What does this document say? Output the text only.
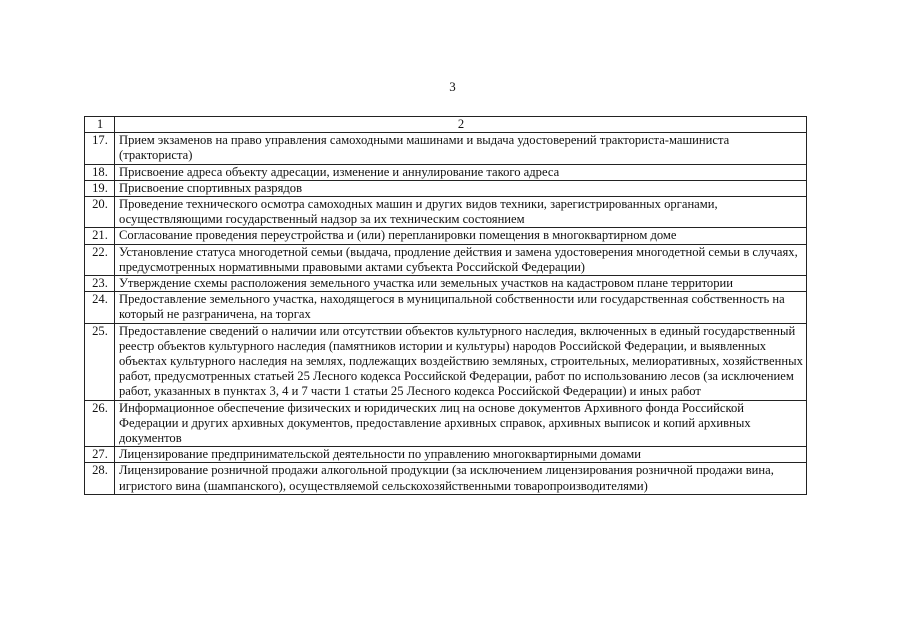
3
1	2
17.	Прием экзаменов на право управления самоходными машинами и выдача удостоверений тракториста-машиниста (тракториста)
18.	Присвоение адреса объекту адресации, изменение и аннулирование такого адреса
19.	Присвоение спортивных разрядов
20.	Проведение технического осмотра самоходных машин и других видов техники, зарегистрированных органами, осуществляющими государственный надзор за их техническим состоянием
21.	Согласование проведения переустройства и (или) перепланировки помещения в многоквартирном доме
22.	Установление статуса многодетной семьи (выдача, продление действия и замена удостоверения многодетной семьи в случаях, предусмотренных нормативными правовыми актами субъекта Российской Федерации)
23.	Утверждение схемы расположения земельного участка или земельных участков на кадастровом плане территории
24.	Предоставление земельного участка, находящегося в муниципальной собственности или государственная собственность на который не разграничена, на торгах
25.	Предоставление сведений о наличии или отсутствии объектов культурного наследия, включенных в единый государственный реестр объектов культурного наследия (памятников истории и культуры) народов Российской Федерации, и выявленных объектах культурного наследия на землях, подлежащих воздействию земляных, строительных, мелиоративных, хозяйственных работ, предусмотренных статьей 25 Лесного кодекса Российской Федерации, работ по использованию лесов (за исключением работ, указанных в пунктах 3, 4 и 7 части 1 статьи 25 Лесного кодекса Российской Федерации) и иных работ
26.	Информационное обеспечение физических и юридических лиц на основе документов Архивного фонда Российской Федерации и других архивных документов, предоставление архивных справок, архивных выписок и копий архивных документов
27.	Лицензирование предпринимательской деятельности по управлению многоквартирными домами
28.	Лицензирование розничной продажи алкогольной продукции (за исключением лицензирования розничной продажи вина, игристого вина (шампанского), осуществляемой сельскохозяйственными товаропроизводителями)
